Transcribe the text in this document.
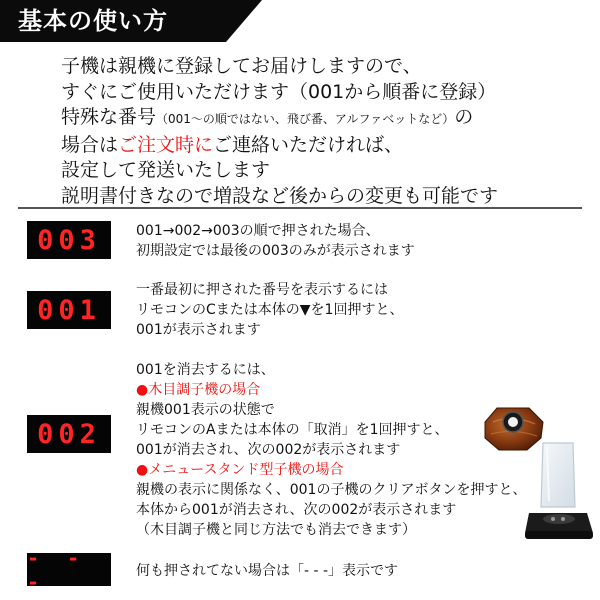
基本の使い方
子機は親機に登録してお届けしますので、
すぐにご使用いただけます（001から順番に登録）
特殊な番号（001～の順ではない、飛び番、アルファベットなど）の
場合はご注文時にご連絡いただければ、
設定して発送いたします
説明書付きなので増設など後からの変更も可能です
003	001→002→003の順で押された場合、
初期設定では最後の003のみが表示されます
001
一番最初に押された番号を表示するには
リモコンのCまたは本体の▼を1回押すと、
001が表示されます
002
001を消去するには、
●木目調子機の場合
親機001表示の状態で
リモコンのAまたは本体の「取消」を1回押すと、
001が消去され、次の002が表示されます
●メニュースタンド型子機の場合
親機の表示に関係なく、001の子機のクリアボタンを押すと、
本体から001が消去され、次の002が表示されます
（木目調子機と同じ方法でも消去できます）
- - -	何も押されてない場合は「- - -」表示です
